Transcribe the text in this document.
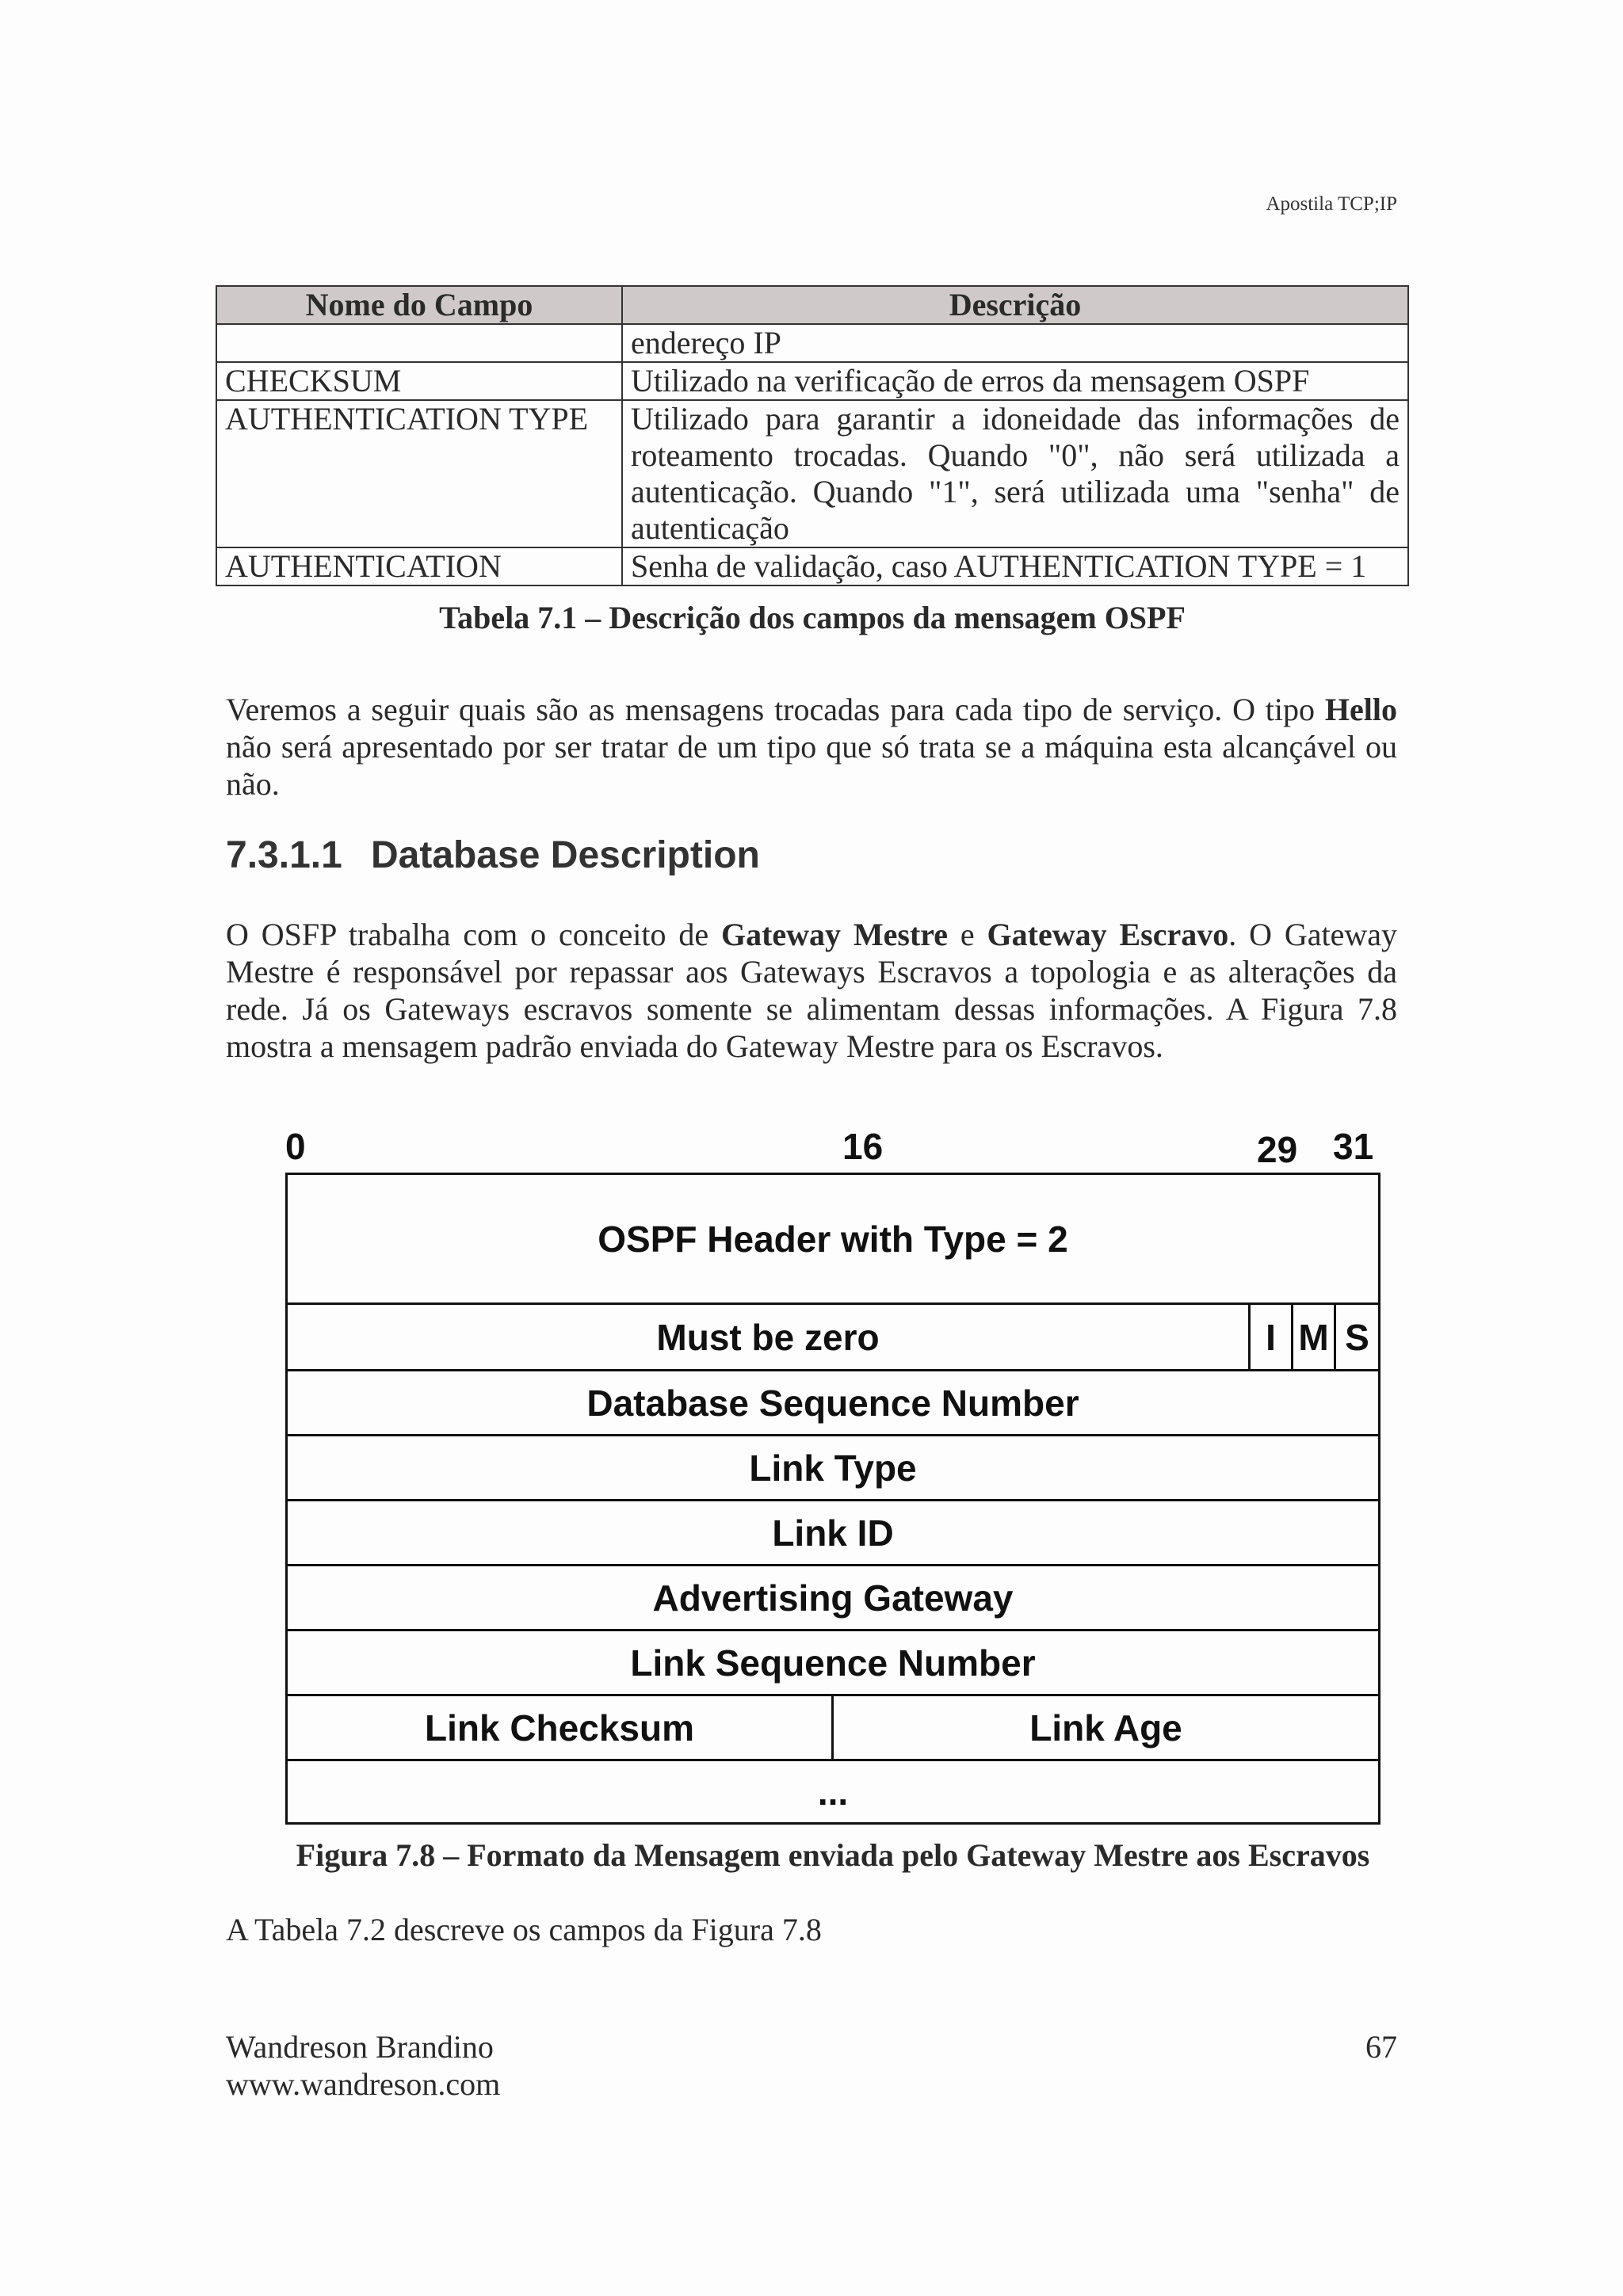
Apostila TCP;IP
Nome do Campo	Descrição
	endereço IP
CHECKSUM	Utilizado na verificação de erros da mensagem OSPF
AUTHENTICATION TYPE	Utilizado para garantir a idoneidade das informações de roteamento trocadas. Quando "0", não será utilizada a autenticação. Quando "1", será utilizada uma "senha" de autenticação
AUTHENTICATION	Senha de validação, caso AUTHENTICATION TYPE = 1
Tabela 7.1 – Descrição dos campos da mensagem OSPF
Veremos a seguir quais são as mensagens trocadas para cada tipo de serviço. O tipo Hello não será apresentado por ser tratar de um tipo que só trata se a máquina esta alcançável ou não.
7.3.1.1 Database Description
O OSFP trabalha com o conceito de Gateway Mestre e Gateway Escravo. O Gateway Mestre é responsável por repassar aos Gateways Escravos a topologia e as alterações da rede. Já os Gateways escravos somente se alimentam dessas informações. A Figura 7.8 mostra a mensagem padrão enviada do Gateway Mestre para os Escravos.
0	16	29 31
OSPF Header with Type = 2
Must be zero	I M S
Database Sequence Number
Link Type
Link ID
Advertising Gateway
Link Sequence Number
Link Checksum	Link Age
...
Figura 7.8 – Formato da Mensagem enviada pelo Gateway Mestre aos Escravos
A Tabela 7.2 descreve os campos da Figura 7.8
Wandreson Brandino
www.wandreson.com
67
